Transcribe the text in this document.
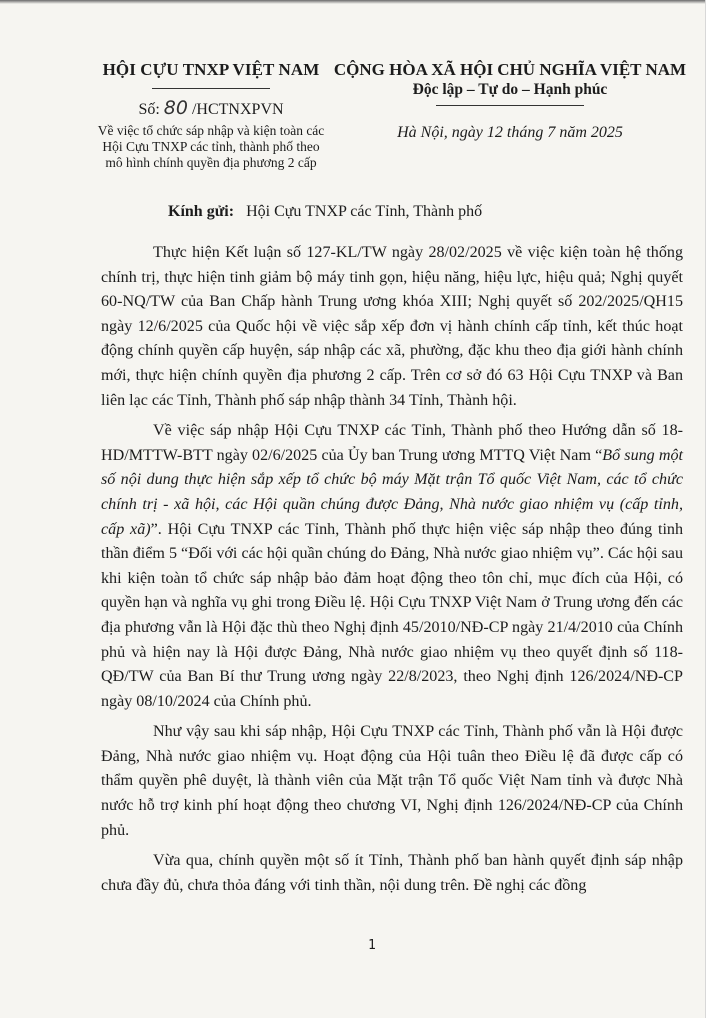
HỘI CỰU TNXP VIỆT NAM
Số: 80 /HCTNXPVN
Về việc tổ chức sáp nhập và kiện toàn các
Hội Cựu TNXP các tỉnh, thành phố theo
mô hình chính quyền địa phương 2 cấp
CỘNG HÒA XÃ HỘI CHỦ NGHĨA VIỆT NAM
Độc lập – Tự do – Hạnh phúc
Hà Nội, ngày 12 tháng 7 năm 2025
Kính gửi: Hội Cựu TNXP các Tỉnh, Thành phố

Thực hiện Kết luận số 127-KL/TW ngày 28/02/2025 về việc kiện toàn hệ thống chính trị, thực hiện tinh giảm bộ máy tinh gọn, hiệu năng, hiệu lực, hiệu quả; Nghị quyết 60-NQ/TW của Ban Chấp hành Trung ương khóa XIII; Nghị quyết số 202/2025/QH15 ngày 12/6/2025 của Quốc hội về việc sắp xếp đơn vị hành chính cấp tỉnh, kết thúc hoạt động chính quyền cấp huyện, sáp nhập các xã, phường, đặc khu theo địa giới hành chính mới, thực hiện chính quyền địa phương 2 cấp. Trên cơ sở đó 63 Hội Cựu TNXP và Ban liên lạc các Tỉnh, Thành phố sáp nhập thành 34 Tỉnh, Thành hội.

Về việc sáp nhập Hội Cựu TNXP các Tỉnh, Thành phố theo Hướng dẫn số 18-HD/MTTW-BTT ngày 02/6/2025 của Ủy ban Trung ương MTTQ Việt Nam “Bổ sung một số nội dung thực hiện sắp xếp tổ chức bộ máy Mặt trận Tổ quốc Việt Nam, các tổ chức chính trị - xã hội, các Hội quần chúng được Đảng, Nhà nước giao nhiệm vụ (cấp tỉnh, cấp xã)”. Hội Cựu TNXP các Tỉnh, Thành phố thực hiện việc sáp nhập theo đúng tinh thần điểm 5 “Đối với các hội quần chúng do Đảng, Nhà nước giao nhiệm vụ”. Các hội sau khi kiện toàn tổ chức sáp nhập bảo đảm hoạt động theo tôn chỉ, mục đích của Hội, có quyền hạn và nghĩa vụ ghi trong Điều lệ. Hội Cựu TNXP Việt Nam ở Trung ương đến các địa phương vẫn là Hội đặc thù theo Nghị định 45/2010/NĐ-CP ngày 21/4/2010 của Chính phủ và hiện nay là Hội được Đảng, Nhà nước giao nhiệm vụ theo quyết định số 118-QĐ/TW của Ban Bí thư Trung ương ngày 22/8/2023, theo Nghị định 126/2024/NĐ-CP ngày 08/10/2024 của Chính phủ.

Như vậy sau khi sáp nhập, Hội Cựu TNXP các Tỉnh, Thành phố vẫn là Hội được Đảng, Nhà nước giao nhiệm vụ. Hoạt động của Hội tuân theo Điều lệ đã được cấp có thẩm quyền phê duyệt, là thành viên của Mặt trận Tổ quốc Việt Nam tỉnh và được Nhà nước hỗ trợ kinh phí hoạt động theo chương VI, Nghị định 126/2024/NĐ-CP của Chính phủ.

Vừa qua, chính quyền một số ít Tỉnh, Thành phố ban hành quyết định sáp nhập chưa đầy đủ, chưa thỏa đáng với tinh thần, nội dung trên. Đề nghị các đồng

1
